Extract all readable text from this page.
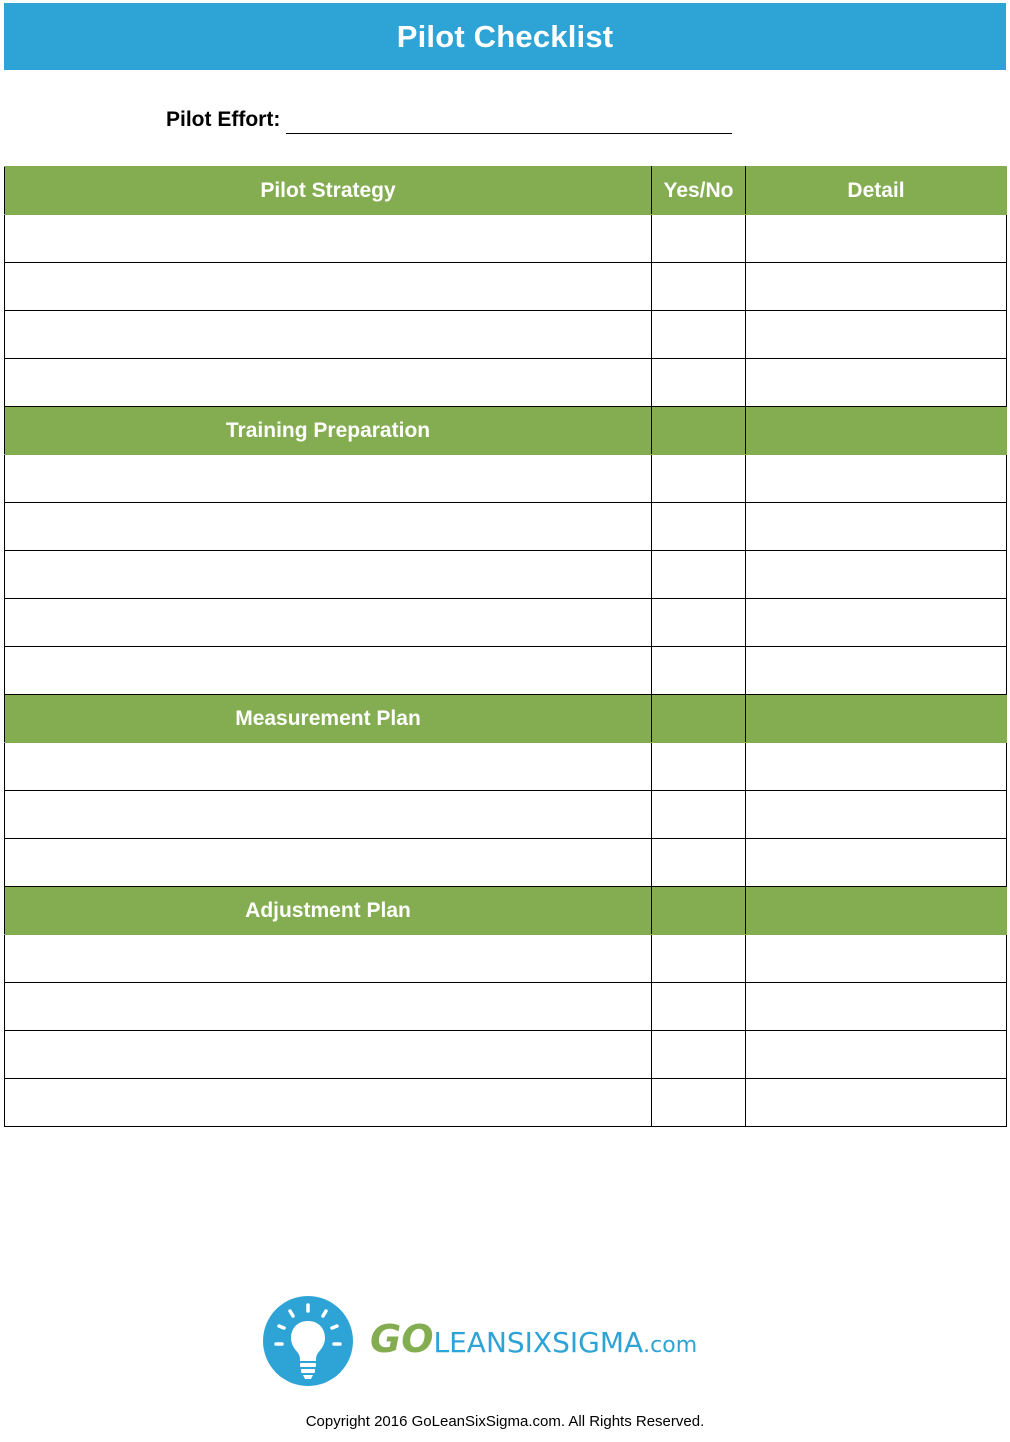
Pilot Checklist
Pilot Effort:
Pilot Strategy	Yes/No	Detail

Training Preparation		

Measurement Plan		

Adjustment Plan		

GOLEANSIXSIGMA.com
Copyright 2016 GoLeanSixSigma.com. All Rights Reserved.
